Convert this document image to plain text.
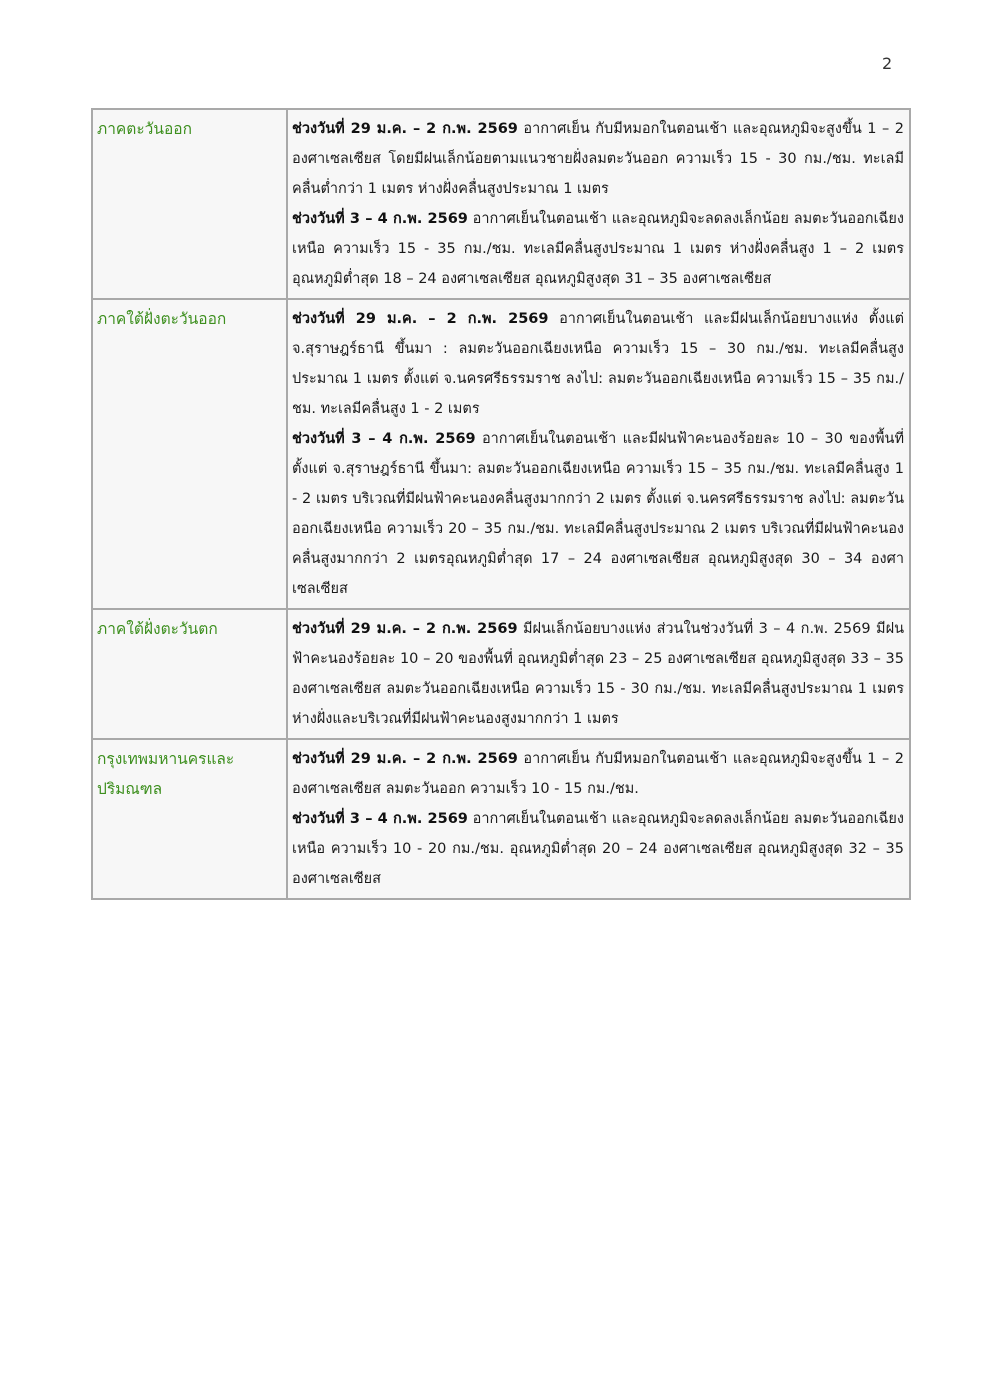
2
ภาคตะวันออก	ช่วงวันที่ 29 ม.ค. – 2 ก.พ. 2569 อากาศเย็น กับมีหมอกในตอนเช้า และอุณหภูมิจะสูงขึ้น 1 – 2 องศาเซลเซียส โดยมีฝนเล็กน้อยตามแนวชายฝั่งลมตะวันออก ความเร็ว 15 - 30 กม./ชม. ทะเลมีคลื่นต่ำกว่า 1 เมตร ห่างฝั่งคลื่นสูงประมาณ 1 เมตร
ช่วงวันที่ 3 – 4 ก.พ. 2569 อากาศเย็นในตอนเช้า และอุณหภูมิจะลดลงเล็กน้อย ลมตะวันออกเฉียงเหนือ ความเร็ว 15 - 35 กม./ชม. ทะเลมีคลื่นสูงประมาณ 1 เมตร ห่างฝั่งคลื่นสูง 1 – 2 เมตร อุณหภูมิต่ำสุด 18 – 24 องศาเซลเซียส อุณหภูมิสูงสุด 31 – 35 องศาเซลเซียส

ภาคใต้ฝั่งตะวันออก	ช่วงวันที่ 29 ม.ค. – 2 ก.พ. 2569 อากาศเย็นในตอนเช้า และมีฝนเล็กน้อยบางแห่ง ตั้งแต่ จ.สุราษฎร์ธานี ขึ้นมา : ลมตะวันออกเฉียงเหนือ ความเร็ว 15 – 30 กม./ชม. ทะเลมีคลื่นสูงประมาณ 1 เมตร ตั้งแต่ จ.นครศรีธรรมราช ลงไป: ลมตะวันออกเฉียงเหนือ ความเร็ว 15 – 35 กม./ชม. ทะเลมีคลื่นสูง 1 - 2 เมตร
ช่วงวันที่ 3 – 4 ก.พ. 2569 อากาศเย็นในตอนเช้า และมีฝนฟ้าคะนองร้อยละ 10 – 30 ของพื้นที่ ตั้งแต่ จ.สุราษฎร์ธานี ขึ้นมา: ลมตะวันออกเฉียงเหนือ ความเร็ว 15 – 35 กม./ชม. ทะเลมีคลื่นสูง 1 - 2 เมตร บริเวณที่มีฝนฟ้าคะนองคลื่นสูงมากกว่า 2 เมตร ตั้งแต่ จ.นครศรีธรรมราช ลงไป: ลมตะวันออกเฉียงเหนือ ความเร็ว 20 – 35 กม./ชม. ทะเลมีคลื่นสูงประมาณ 2 เมตร บริเวณที่มีฝนฟ้าคะนองคลื่นสูงมากกว่า 2 เมตรอุณหภูมิต่ำสุด 17 – 24 องศาเซลเซียส อุณหภูมิสูงสุด 30 – 34 องศาเซลเซียส

ภาคใต้ฝั่งตะวันตก	ช่วงวันที่ 29 ม.ค. – 2 ก.พ. 2569 มีฝนเล็กน้อยบางแห่ง ส่วนในช่วงวันที่ 3 – 4 ก.พ. 2569 มีฝนฟ้าคะนองร้อยละ 10 – 20 ของพื้นที่ อุณหภูมิต่ำสุด 23 – 25 องศาเซลเซียส อุณหภูมิสูงสุด 33 – 35 องศาเซลเซียส ลมตะวันออกเฉียงเหนือ ความเร็ว 15 - 30 กม./ชม. ทะเลมีคลื่นสูงประมาณ 1 เมตร ห่างฝั่งและบริเวณที่มีฝนฟ้าคะนองสูงมากกว่า 1 เมตร

กรุงเทพมหานครและปริมณฑล	ช่วงวันที่ 29 ม.ค. – 2 ก.พ. 2569 อากาศเย็น กับมีหมอกในตอนเช้า และอุณหภูมิจะสูงขึ้น 1 – 2 องศาเซลเซียส ลมตะวันออก ความเร็ว 10 - 15 กม./ชม.
ช่วงวันที่ 3 – 4 ก.พ. 2569 อากาศเย็นในตอนเช้า และอุณหภูมิจะลดลงเล็กน้อย ลมตะวันออกเฉียงเหนือ ความเร็ว 10 - 20 กม./ชม. อุณหภูมิต่ำสุด 20 – 24 องศาเซลเซียส อุณหภูมิสูงสุด 32 – 35 องศาเซลเซียส
